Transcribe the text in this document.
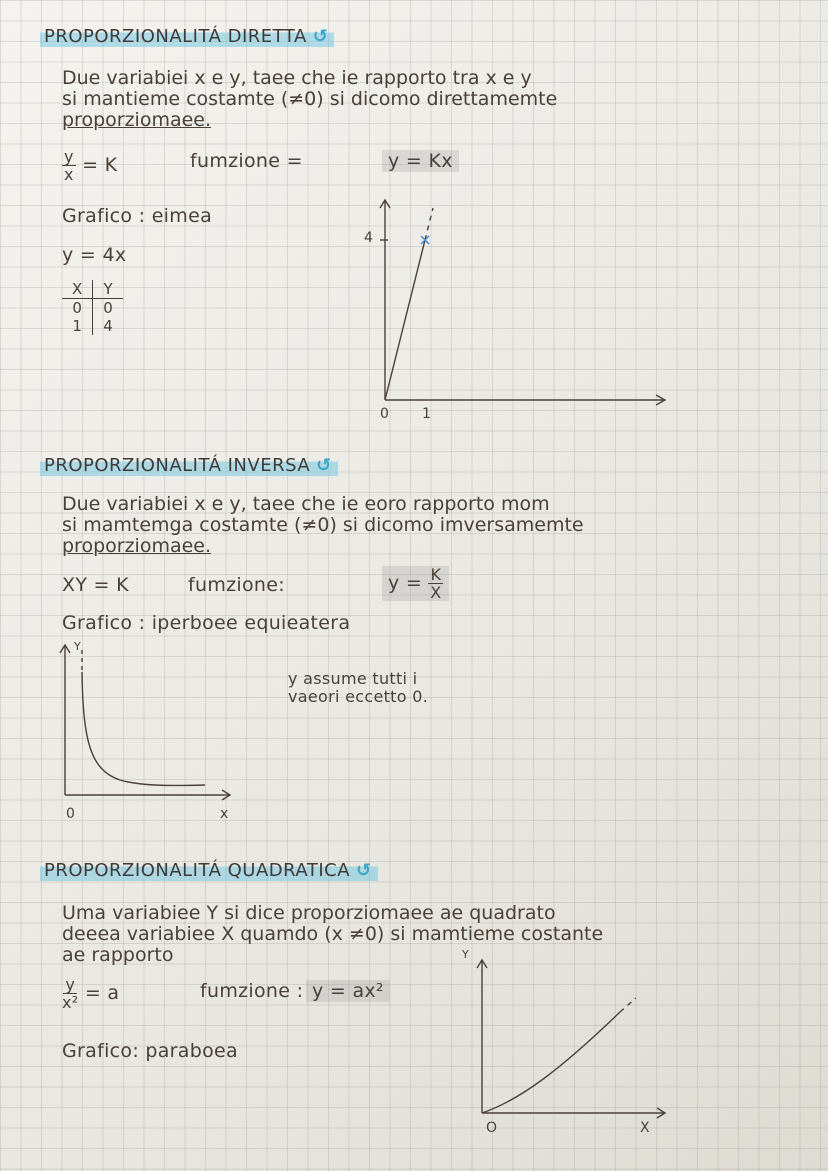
PROPORZIONALITÁ DIRETTA ↺
Due variabiei x e y, taee che ie rapporto tra x e y
si mantieme costamte (≠0) si dicomo direttamemte
proporziomaee.
$\frac{y}{x} = K$	fumzione =	y = Kx
Grafico : eimea
y = 4x
X	Y
0	0
1	4
4
0 1
PROPORZIONALITÁ INVERSA ↺
Due variabiei x e y, taee che ie eoro rapporto mom
si mamtemga costamte (≠0) si dicomo imversamemte
proporziomaee.
XY = K	fumzione:	$y = \frac{K}{X}$
Grafico : iperboee equieatera
y assume tutti i
vaeori eccetto 0.
Y
0	x
PROPORZIONALITÁ QUADRATICA ↺
Uma variabiee Y si dice proporziomaee ae quadrato
deeea variabiee X quamdo (x ≠0) si mamtieme costante
ae rapporto
$\frac{y}{\text{x²}} = a$	fumzione : y = ax²
Grafico: paraboea
Y
O	X
